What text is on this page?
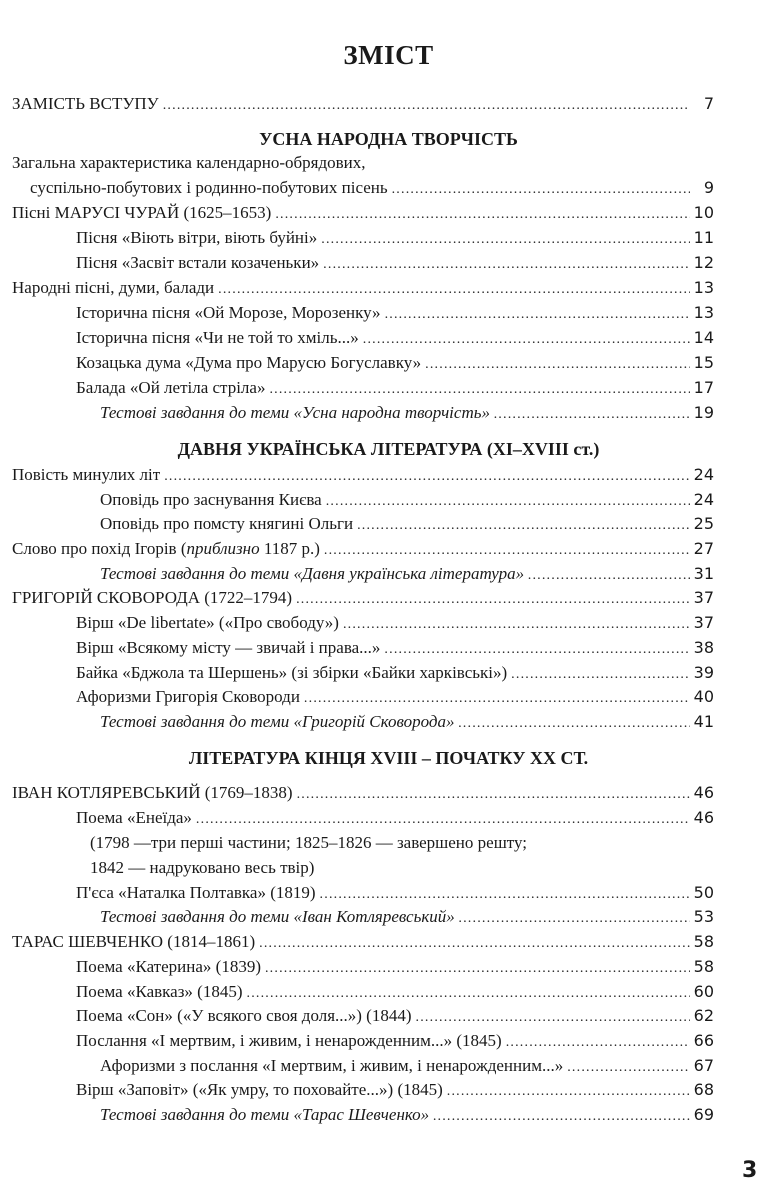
ЗМІСТ
ЗАМІСТЬ ВСТУПУ .....	7
УСНА НАРОДНА ТВОРЧІСТЬ
Загальна характеристика календарно-обрядових,
суспільно-побутових і родинно-побутових пісень .....	9
Пісні МАРУСІ ЧУРАЙ (1625–1653) .....	10
Пісня «Віють вітри, віють буйні» .....	11
Пісня «Засвіт встали козаченьки» .....	12
Народні пісні, думи, балади .....	13
Історична пісня «Ой Морозе, Морозенку» .....	13
Історична пісня «Чи не той то хміль...» .....	14
Козацька дума «Дума про Марусю Богуславку» .....	15
Балада «Ой летіла стріла» .....	17
Тестові завдання до теми «Усна народна творчість» .....	19
ДАВНЯ УКРАЇНСЬКА ЛІТЕРАТУРА (XI–XVIII ст.)
Повість минулих літ .....	24
Оповідь про заснування Києва .....	24
Оповідь про помсту княгині Ольги .....	25
Слово про похід Ігорів (приблизно 1187 р.) .....	27
Тестові завдання до теми «Давня українська література» .....	31
ГРИГОРІЙ СКОВОРОДА (1722–1794) .....	37
Вірш «De libertate» («Про свободу») .....	37
Вірш «Всякому місту — звичай і права...» .....	38
Байка «Бджола та Шершень» (зі збірки «Байки харківські») .....	39
Афоризми Григорія Сковороди .....	40
Тестові завдання до теми «Григорій Сковорода» .....	41
ЛІТЕРАТУРА КІНЦЯ XVIII – ПОЧАТКУ XX СТ.
ІВАН КОТЛЯРЕВСЬКИЙ (1769–1838) .....	46
Поема «Енеїда» .....	46
(1798 —три перші частини; 1825–1826 — завершено решту;
1842 — надруковано весь твір)
П'єса «Наталка Полтавка» (1819) .....	50
Тестові завдання до теми «Іван Котляревський» .....	53
ТАРАС ШЕВЧЕНКО (1814–1861) .....	58
Поема «Катерина» (1839) .....	58
Поема «Кавказ» (1845) .....	60
Поема «Сон» («У всякого своя доля...») (1844) .....	62
Послання «І мертвим, і живим, і ненарожденним...» (1845) .....	66
Афоризми з послання «І мертвим, і живим, і ненарожденним...» .....	67
Вірш «Заповіт» («Як умру, то поховайте...») (1845) .....	68
Тестові завдання до теми «Тарас Шевченко» .....	69
3
